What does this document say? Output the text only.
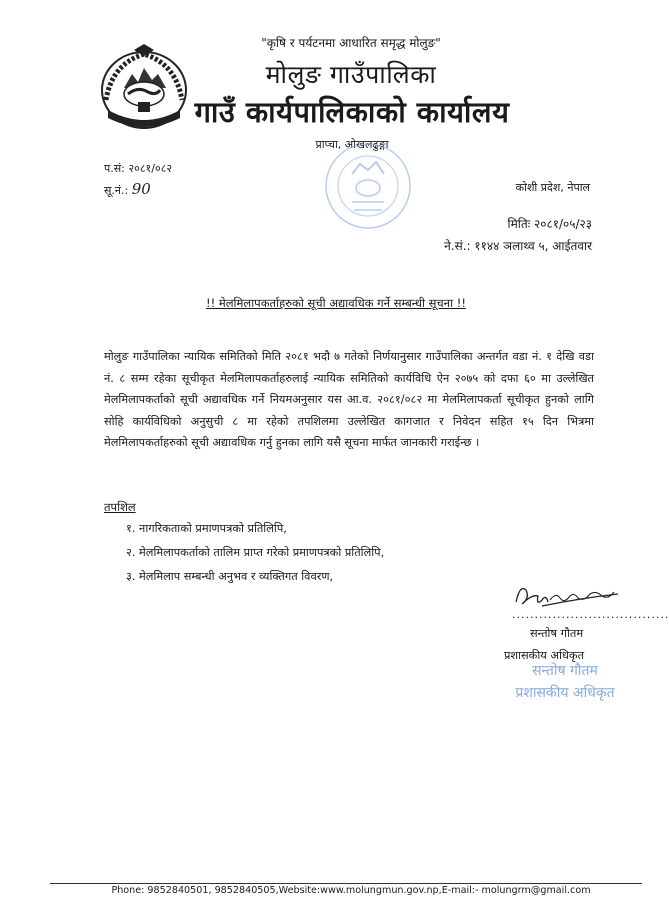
"कृषि र पर्यटनमा आधारित समृद्ध मोलुङ"
मोलुङ गाउँपालिका
गाउँ कार्यपालिकाको कार्यालय
प्राप्चा, ओखलढुङ्गा
प.सं: २०८१/०८२
सू.नं.: 90	कोशी प्रदेश, नेपाल
मितिः २०८१/०५/२३
ने.सं.: ११४४ ञलाथ्व ५, आईतवार
!! मेलमिलापकर्ताहरुको सूची अद्यावधिक गर्ने सम्बन्धी सूचना !!
मोलुङ गाउँपालिका न्यायिक समितिको मिति २०८१ भदौ ७ गतेको निर्णयानुसार गाउँपालिका अन्तर्गत वडा नं. १ देखि वडा नं. ८ सम्म रहेका सूचीकृत मेलमिलापकर्ताहरुलाई न्यायिक समितिको कार्यविधि ऐन २०७५ को दफा ६० मा उल्लेखित मेलमिलापकर्ताको सूची अद्यावधिक गर्ने नियमअनुसार यस आ.व. २०८१/०८२ मा मेलमिलापकर्ता सूचीकृत हुनको लागि सोहि कार्यविधिको अनुसुची ८ मा रहेको तपशिलमा उल्लेखित कागजात र निवेदन सहित १५ दिन भित्रमा मेलमिलापकर्ताहरुको सूची अद्यावधिक गर्नु हुनका लागि यसै सूचना मार्फत जानकारी गराईन्छ ।
तपशिल
१. नागरिकताको प्रमाणपत्रको प्रतिलिपि,
२. मेलमिलापकर्ताको तालिम प्राप्त गरेको प्रमाणपत्रको प्रतिलिपि,
३. मेलमिलाप सम्बन्धी अनुभव र व्यक्तिगत विवरण,
...................................
सन्तोष गौतम
प्रशासकीय अधिकृत
सन्तोष गौतम
प्रशासकीय अधिकृत
Phone: 9852840501, 9852840505,Website:www.molungmun.gov.np,E-mail:- molungrm@gmail.com
